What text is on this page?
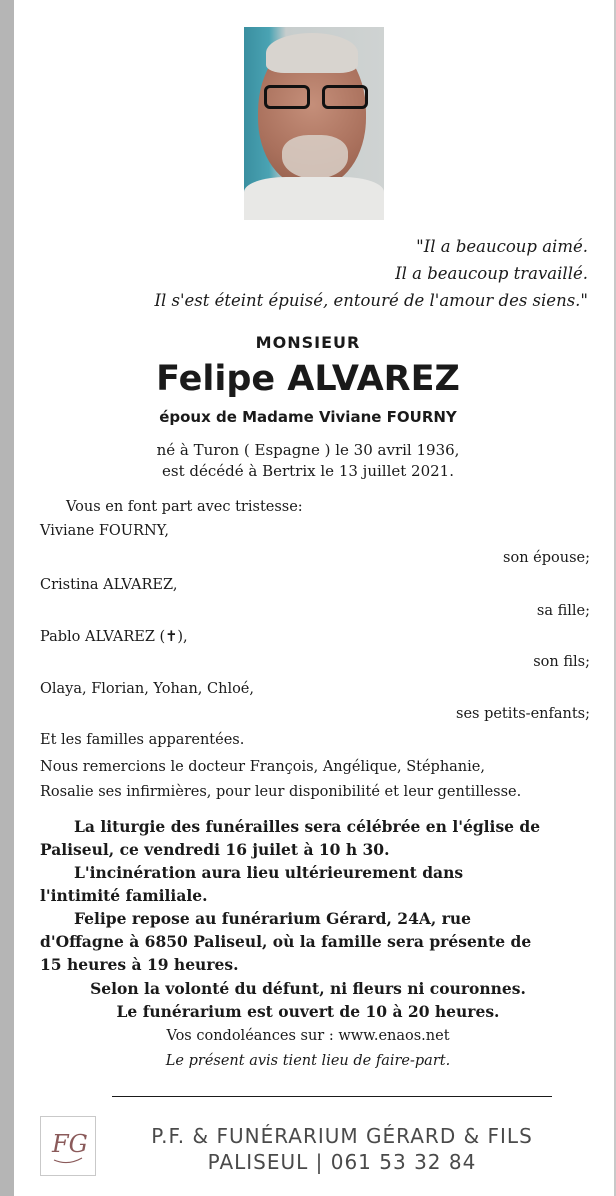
"Il a beaucoup aimé.
Il a beaucoup travaillé.
Il s'est éteint épuisé, entouré de l'amour des siens."
MONSIEUR
Felipe ALVAREZ
époux de Madame Viviane FOURNY
né à Turon ( Espagne ) le 30 avril 1936,
est décédé à Bertrix le 13 juillet 2021.
Vous en font part avec tristesse:
Viviane FOURNY,
son épouse;
Cristina ALVAREZ,
sa fille;
Pablo ALVAREZ (✝),
son fils;
Olaya, Florian, Yohan, Chloé,
ses petits-enfants;
Et les familles apparentées.
Nous remercions le docteur François, Angélique, Stéphanie,
Rosalie ses infirmières, pour leur disponibilité et leur gentillesse.
La liturgie des funérailles sera célébrée en l'église de
Paliseul, ce vendredi 16 juilet à 10 h 30.
L'incinération aura lieu ultérieurement dans
l'intimité familiale.
Felipe repose au funérarium Gérard, 24A, rue
d'Offagne à 6850 Paliseul, où la famille sera présente de
15 heures à 19 heures.
Selon la volonté du défunt, ni fleurs ni couronnes.
Le funérarium est ouvert de 10 à 20 heures.
Vos condoléances sur : www.enaos.net
Le présent avis tient lieu de faire-part.
FG	P.F. & FUNÉRARIUM GÉRARD & FILS
PALISEUL | 061 53 32 84
